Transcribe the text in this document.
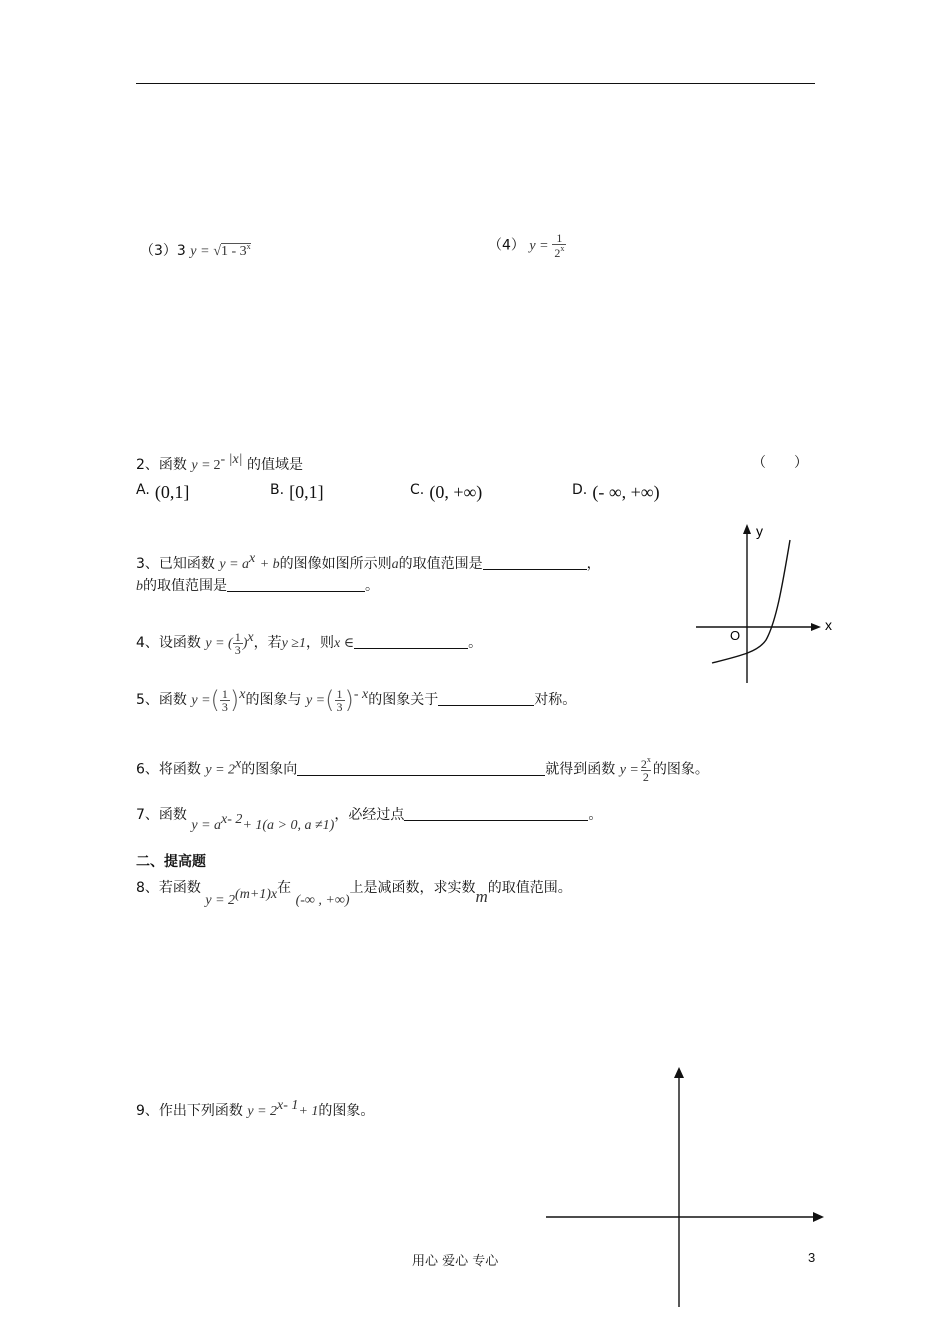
（3）3 y = √1 - 3$^x$	（4） $y = \frac{1}{2^x}$
2、函数 $y = 2^{- |x|}$ 的值域是	（　　）
A. (0,1]	B. [0,1]	C. (0, +∞)	D. (- ∞, +∞)
3、已知函数 $y = a^x + b$的图像如图所示则a的取值范围是	，
b的取值范围是	。
y
x
O
4、设函数 y = ( $\frac{1}{3} )^x$，若y ≥1，则x ∈	。
5、函数 y =( $\frac{1}{3} )^x$的图象与 y =( $\frac{1}{3} )^{- x}$的图象关于	对称。
6、将函数 $y = 2^x$的图象向	就得到函数 $y = \frac{2^x}{2}$ 的图象。
7、函数 $y = a^{x- 2}+ 1(a > 0$, a ≠1)，必经过点	。
二、提高题
8、若函数 $y = 2^{(m+1)x}$在 (-∞ , +∞)上是减函数，求实数m的取值范围。
9、作出下列函数 $y = 2^{x- 1}+ 1$的图象。
用心 爱心 专心	3
